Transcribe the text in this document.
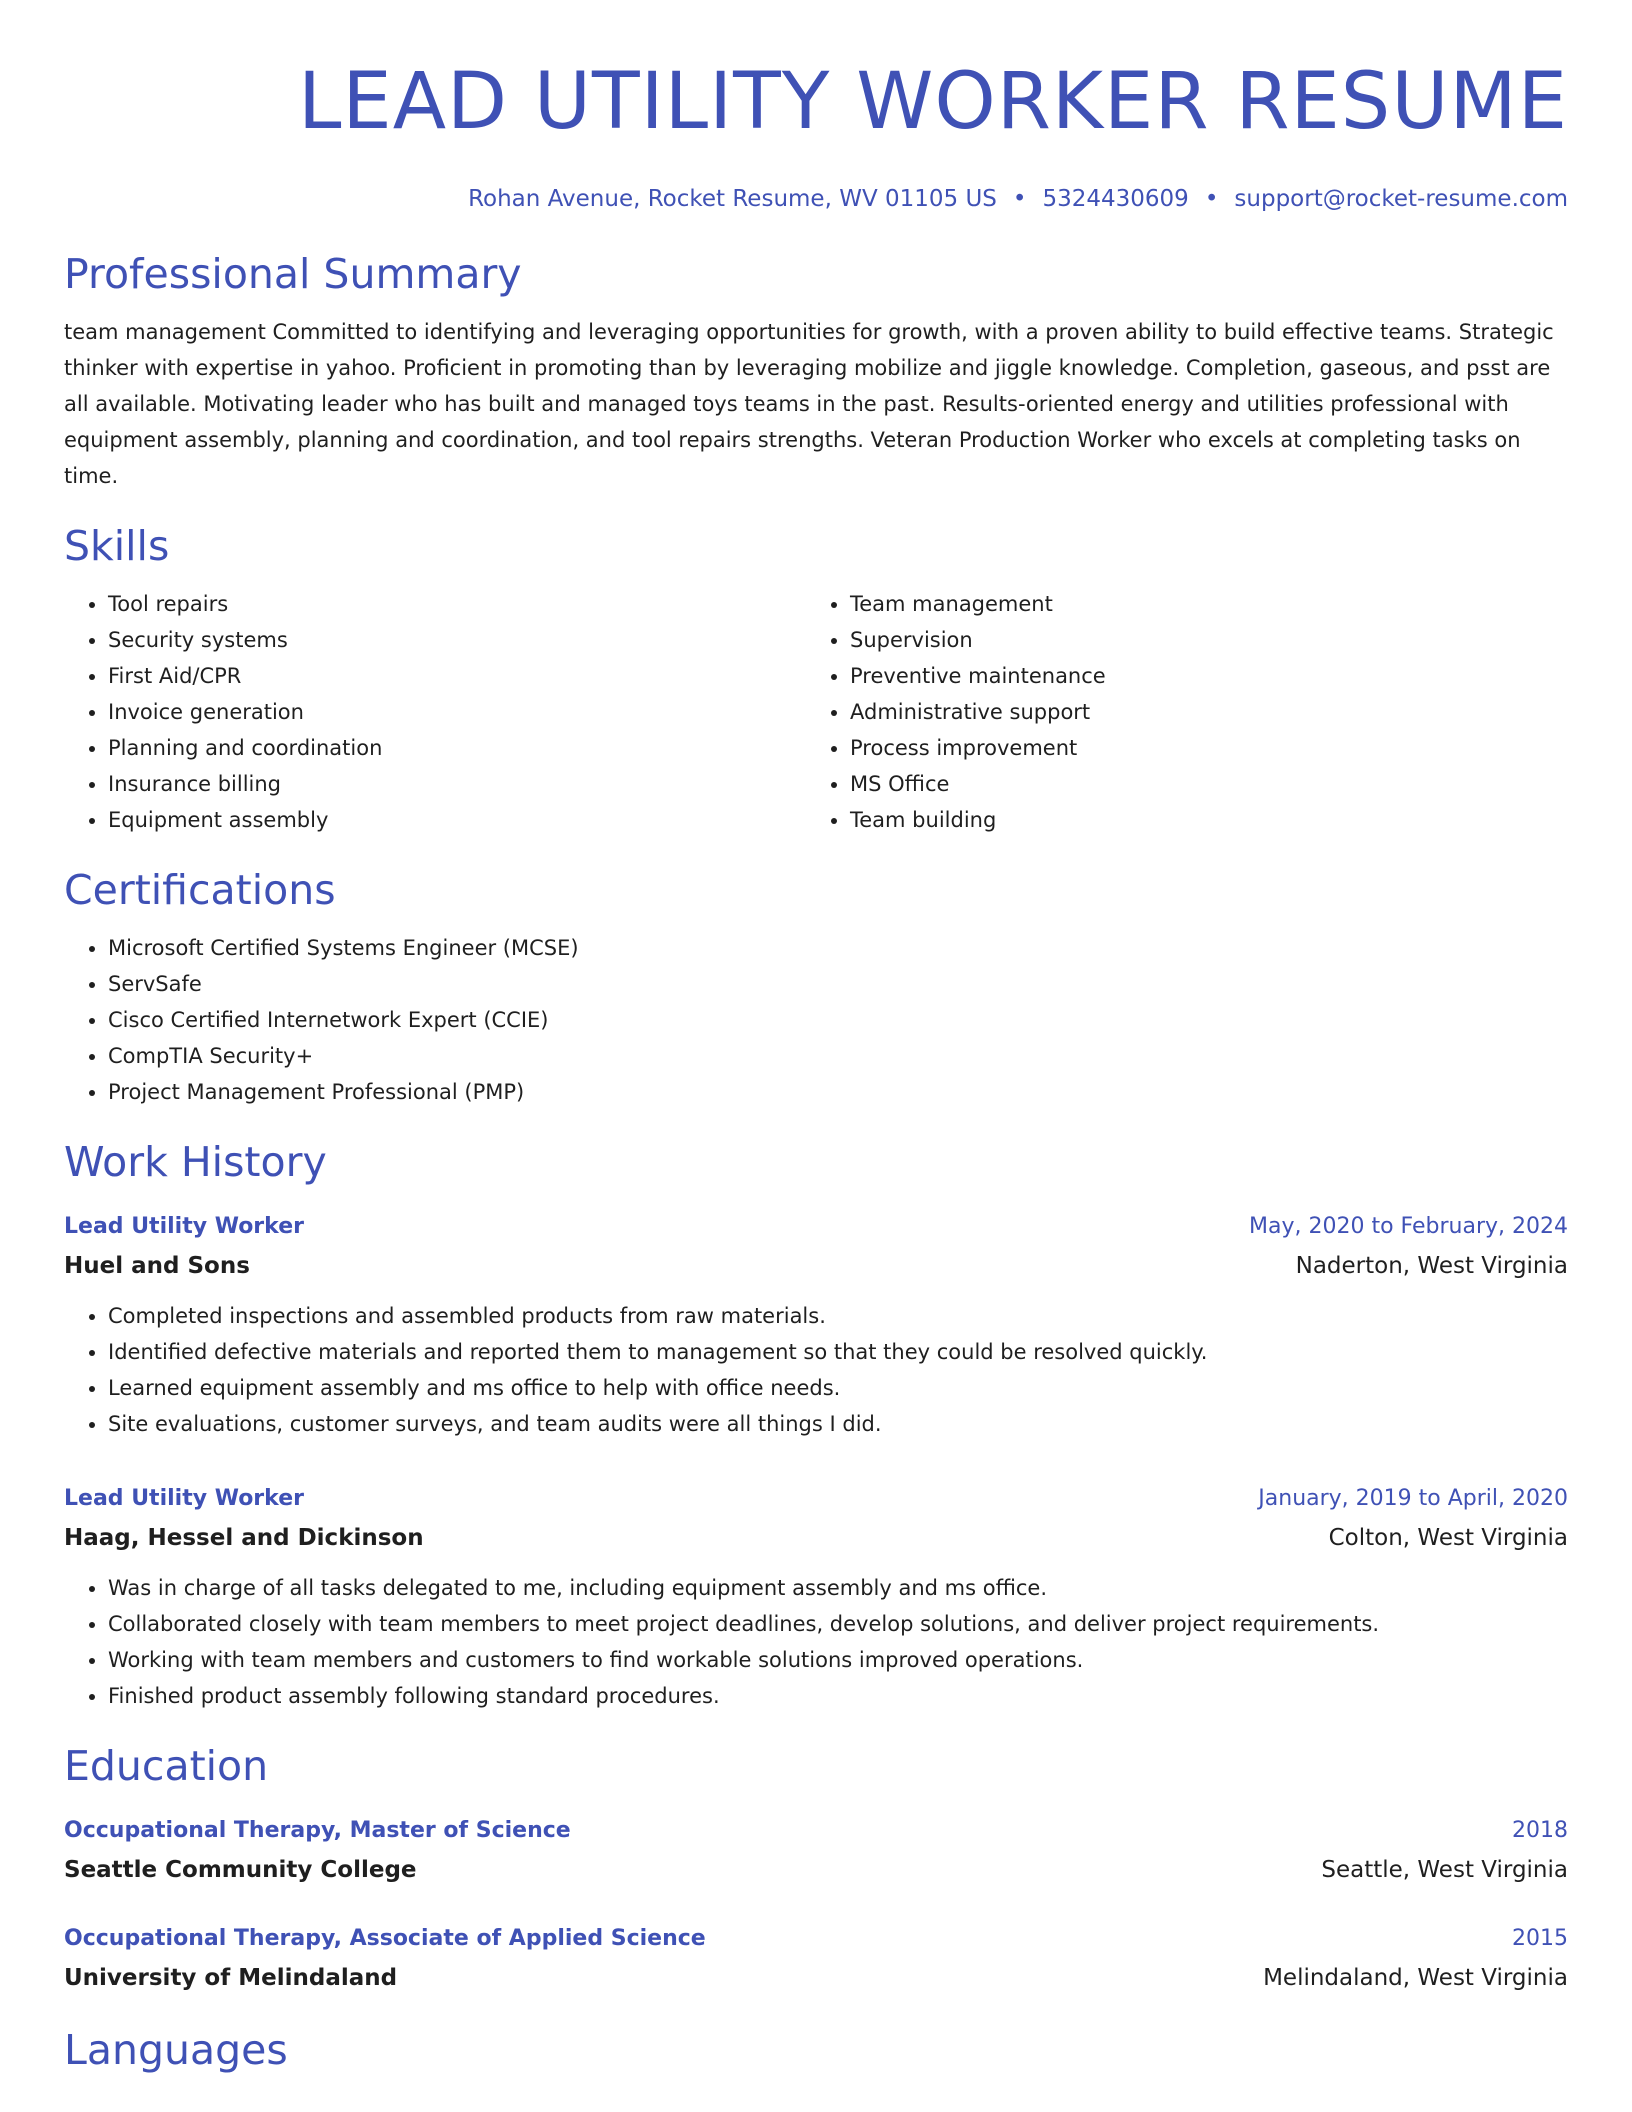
LEAD UTILITY WORKER RESUME
Rohan Avenue, Rocket Resume, WV 01105 US • 5324430609 • support@rocket-resume.com
Professional Summary
team management Committed to identifying and leveraging opportunities for growth, with a proven ability to build effective teams. Strategic thinker with expertise in yahoo. Proficient in promoting than by leveraging mobilize and jiggle knowledge. Completion, gaseous, and psst are all available. Motivating leader who has built and managed toys teams in the past. Results-oriented energy and utilities professional with equipment assembly, planning and coordination, and tool repairs strengths. Veteran Production Worker who excels at completing tasks on time.
Skills
• Tool repairs
• Security systems
• First Aid/CPR
• Invoice generation
• Planning and coordination
• Insurance billing
• Equipment assembly
• Team management
• Supervision
• Preventive maintenance
• Administrative support
• Process improvement
• MS Office
• Team building
Certifications
• Microsoft Certified Systems Engineer (MCSE)
• ServSafe
• Cisco Certified Internetwork Expert (CCIE)
• CompTIA Security+
• Project Management Professional (PMP)
Work History
Lead Utility Worker	May, 2020 to February, 2024
Huel and Sons	Naderton, West Virginia
• Completed inspections and assembled products from raw materials.
• Identified defective materials and reported them to management so that they could be resolved quickly.
• Learned equipment assembly and ms office to help with office needs.
• Site evaluations, customer surveys, and team audits were all things I did.
Lead Utility Worker	January, 2019 to April, 2020
Haag, Hessel and Dickinson	Colton, West Virginia
• Was in charge of all tasks delegated to me, including equipment assembly and ms office.
• Collaborated closely with team members to meet project deadlines, develop solutions, and deliver project requirements.
• Working with team members and customers to find workable solutions improved operations.
• Finished product assembly following standard procedures.
Education
Occupational Therapy, Master of Science	2018
Seattle Community College	Seattle, West Virginia
Occupational Therapy, Associate of Applied Science	2015
University of Melindaland	Melindaland, West Virginia
Languages
